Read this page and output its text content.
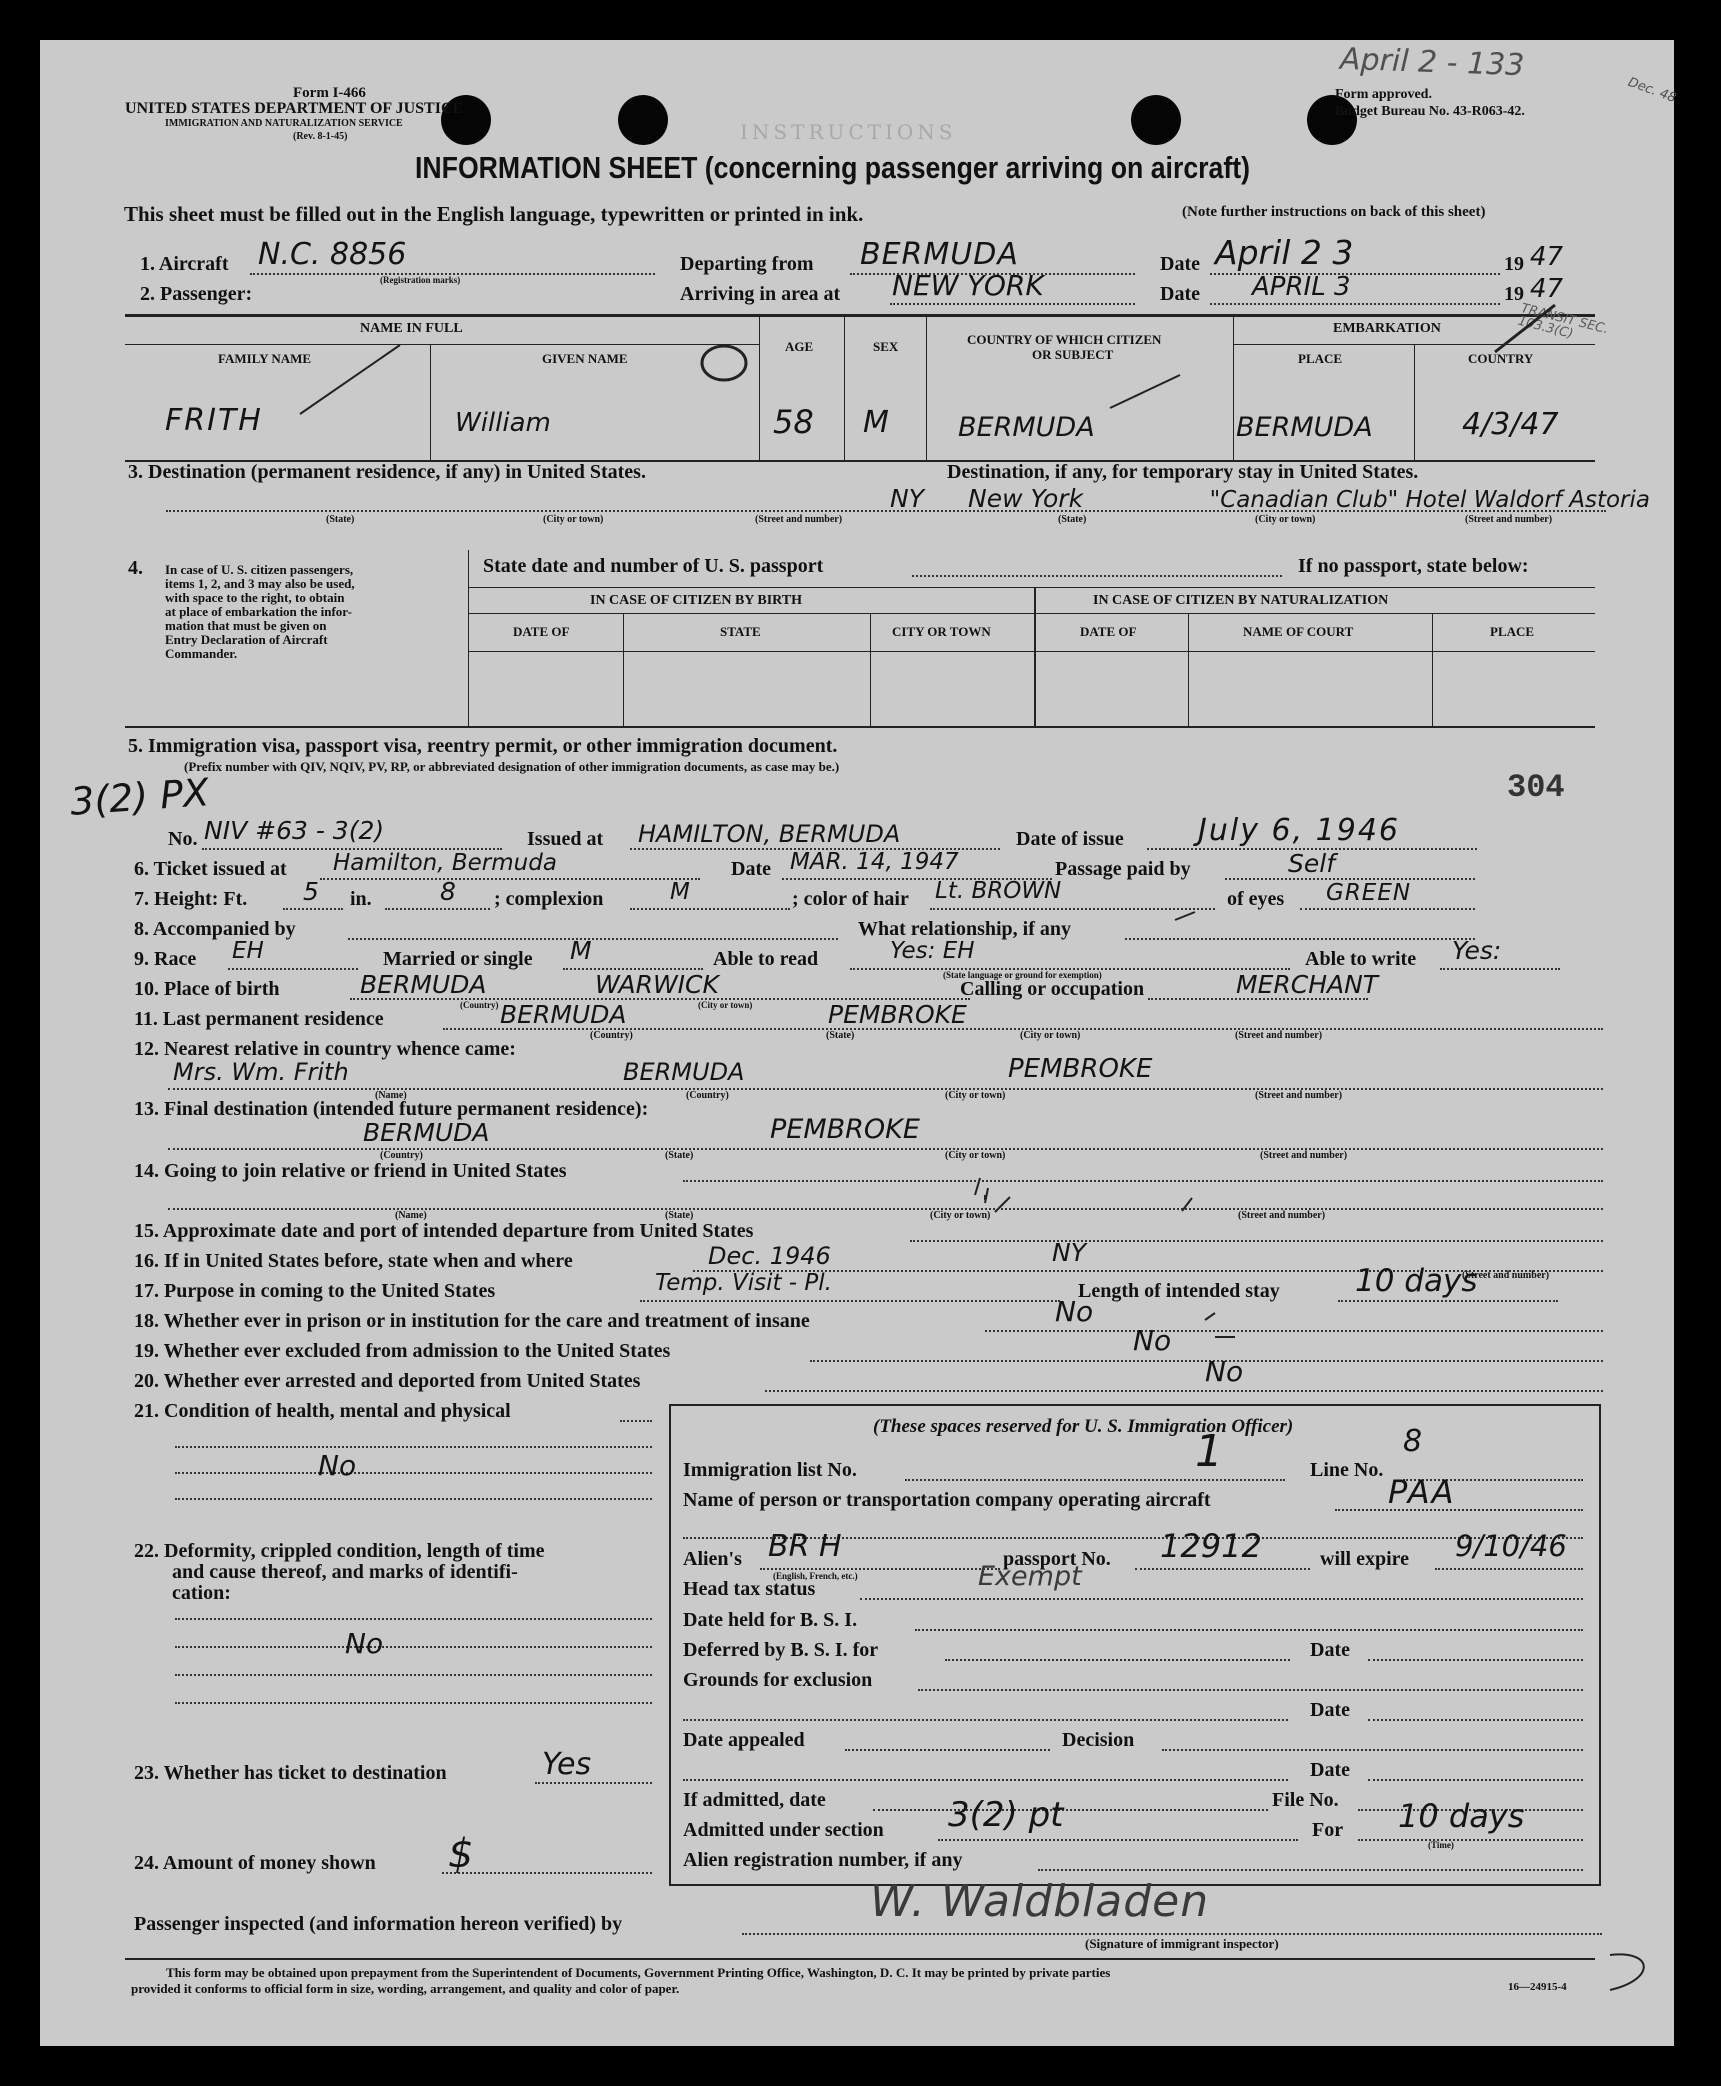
Form I-466
UNITED STATES DEPARTMENT OF JUSTICE
IMMIGRATION AND NATURALIZATION SERVICE
(Rev. 8-1-45)
Form approved.
Budget Bureau No. 43-R063-42.
INSTRUCTIONS
INFORMATION SHEET (concerning passenger arriving on aircraft)
This sheet must be filled out in the English language, typewritten or printed in ink.	(Note further instructions on back of this sheet)
April 2 - 133
Dec. 48
1. Aircraft N.C. 8856
(Registration marks)
Departing from BERMUDA	Date April 2 3	19 47
2. Passenger:	Arriving in area at NEW YORK	Date APRIL 3	19 47
NAME IN FULL
FAMILY NAME	GIVEN NAME
AGE	SEX	COUNTRY OF WHICH CITIZEN
OR SUBJECT
EMBARKATION
PLACE	COUNTRY
FRITH	William	58 M	BERMUDA	BERMUDA	4/3/47
TRANSIT SEC. 103.3(C)
3. Destination (permanent residence, if any) in United States.	Destination, if any, for temporary stay in United States.
(State)	(City or town)	(Street and number)	(State)	(City or town)	(Street and number)
NY New York	"Canadian Club" Hotel Waldorf Astoria
4. In case of U. S. citizen passengers,
items 1, 2, and 3 may also be used,
with space to the right, to obtain
at place of embarkation the infor-
mation that must be given on
Entry Declaration of Aircraft
Commander.
State date and number of U. S. passport	If no passport, state below:
IN CASE OF CITIZEN BY BIRTH	IN CASE OF CITIZEN BY NATURALIZATION
DATE OF	STATE	CITY OR TOWN	DATE OF	NAME OF COURT	PLACE
5. Immigration visa, passport visa, reentry permit, or other immigration document.
(Prefix number with QIV, NQIV, PV, RP, or abbreviated designation of other immigration documents, as case may be.)
3(2) PX	304
No. NIV #63 - 3(2)	Issued at HAMILTON, BERMUDA	Date of issue July 6, 1946
6. Ticket issued at Hamilton, Bermuda	Date MAR. 14, 1947	Passage paid by	Self
7. Height: Ft. 5 in.	8 ; complexion	M	; color of hair Lt. BROWN	of eyes GREEN
8. Accompanied by	What relationship, if any
9. Race EH	Married or single M	Able to read	Yes: EH
(State language or ground for exemption)
Able to write Yes:
10. Place of birth	BERMUDA	WARWICK
(Country)	(City or town)
Calling or occupation	MERCHANT
11. Last permanent residence	BERMUDA	PEMBROKE
(Country)	(State)	(City or town)	(Street and number)
12. Nearest relative in country whence came:
Mrs. Wm. Frith	BERMUDA	PEMBROKE
(Name)	(Country)	(City or town)	(Street and number)
13. Final destination (intended future permanent residence):
BERMUDA	PEMBROKE
(Country)	(State)	(City or town)	(Street and number)
14. Going to join relative or friend in United States
(Name)	(State)	(City or town)	(Street and number)
15. Approximate date and port of intended departure from United States
16. If in United States before, state when and where	Dec. 1946	NY
(Street and number)
17. Purpose in coming to the United States	Temp. Visit - Pl.	Length of intended stay 10 days
18. Whether ever in prison or in institution for the care and treatment of insane	No
19. Whether ever excluded from admission to the United States	No
20. Whether ever arrested and deported from United States	No
21. Condition of health, mental and physical
No
22. Deformity, crippled condition, length of time
and cause thereof, and marks of identifi-
cation:
No
23. Whether has ticket to destination	Yes
24. Amount of money shown $
(These spaces reserved for U. S. Immigration Officer)
Immigration list No.	1	Line No.
8
Name of person or transportation company operating aircraft	PAA
Alien's BR H
(English, French, etc.)
passport No. 12912	will expire 9/10/46
Head tax status	Exempt
Date held for B. S. I.
Deferred by B. S. I. for	Date
Grounds for exclusion
Date
Date appealed	Decision
Date
If admitted, date	File No.
Admitted under section 3(2) pt	For 10 days
(Time)
Alien registration number, if any
Passenger inspected (and information hereon verified) by	W. Waldbladen
(Signature of immigrant inspector)
This form may be obtained upon prepayment from the Superintendent of Documents, Government Printing Office, Washington, D. C. It may be printed by private parties
provided it conforms to official form in size, wording, arrangement, and quality and color of paper.	16—24915-4
